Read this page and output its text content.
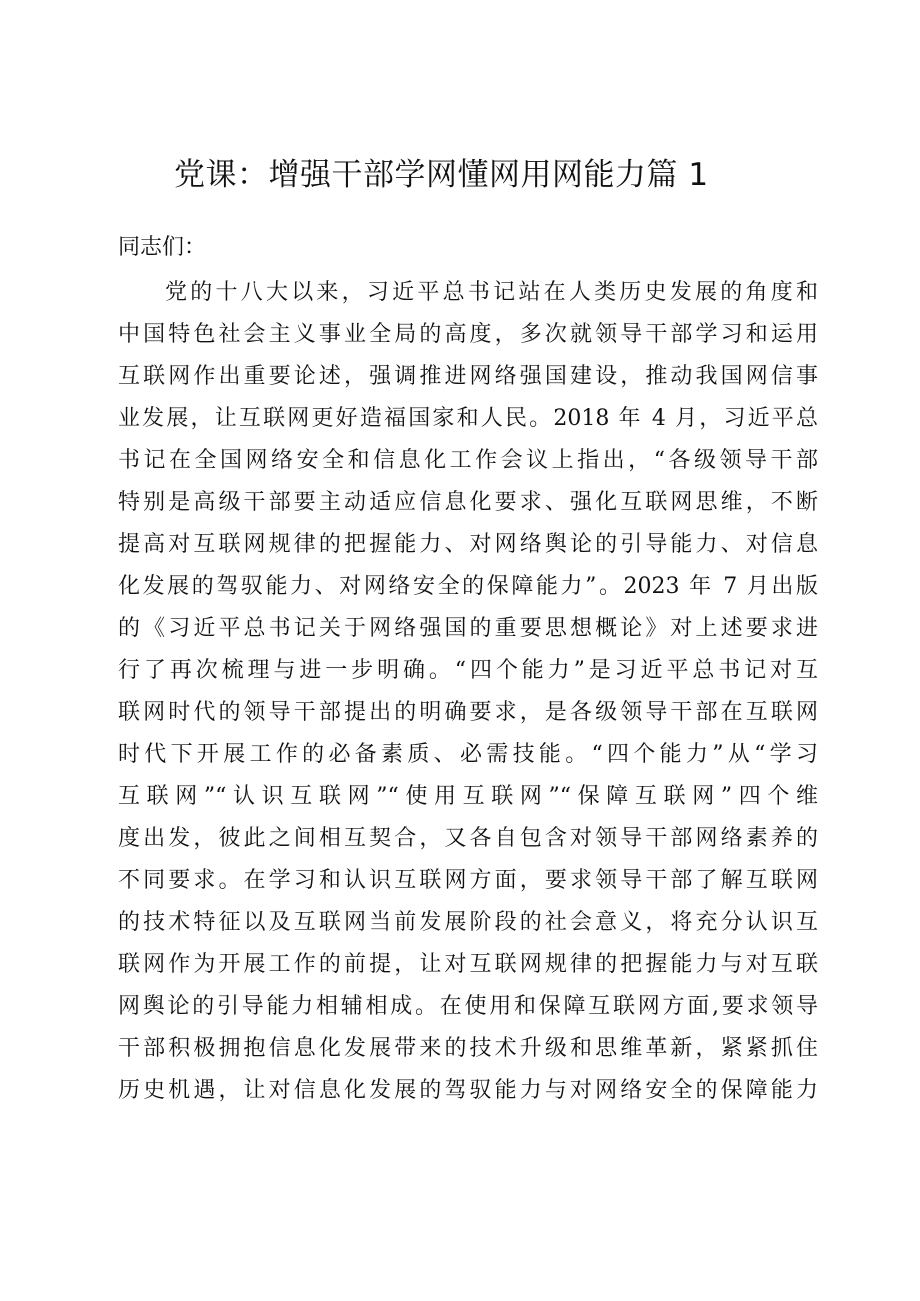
党课：增强干部学网懂网用网能力篇 1
同志们：
党的十八大以来，习近平总书记站在人类历史发展的角度和
中国特色社会主义事业全局的高度，多次就领导干部学习和运用
互联网作出重要论述，强调推进网络强国建设，推动我国网信事
业发展，让互联网更好造福国家和人民。2018 年 4 月，习近平总
书记在全国网络安全和信息化工作会议上指出，“各级领导干部
特别是高级干部要主动适应信息化要求、强化互联网思维，不断
提高对互联网规律的把握能力、对网络舆论的引导能力、对信息
化发展的驾驭能力、对网络安全的保障能力”。2023 年 7 月出版
的《习近平总书记关于网络强国的重要思想概论》对上述要求进
行了再次梳理与进一步明确。“四个能力”是习近平总书记对互
联网时代的领导干部提出的明确要求，是各级领导干部在互联网
时代下开展工作的必备素质、必需技能。“四个能力”从“学习
互联网”“认识互联网”“使用互联网”“保障互联网”四个维
度出发，彼此之间相互契合，又各自包含对领导干部网络素养的
不同要求。在学习和认识互联网方面，要求领导干部了解互联网
的技术特征以及互联网当前发展阶段的社会意义，将充分认识互
联网作为开展工作的前提，让对互联网规律的把握能力与对互联
网舆论的引导能力相辅相成。在使用和保障互联网方面,要求领导
干部积极拥抱信息化发展带来的技术升级和思维革新，紧紧抓住
历史机遇，让对信息化发展的驾驭能力与对网络安全的保障能力
